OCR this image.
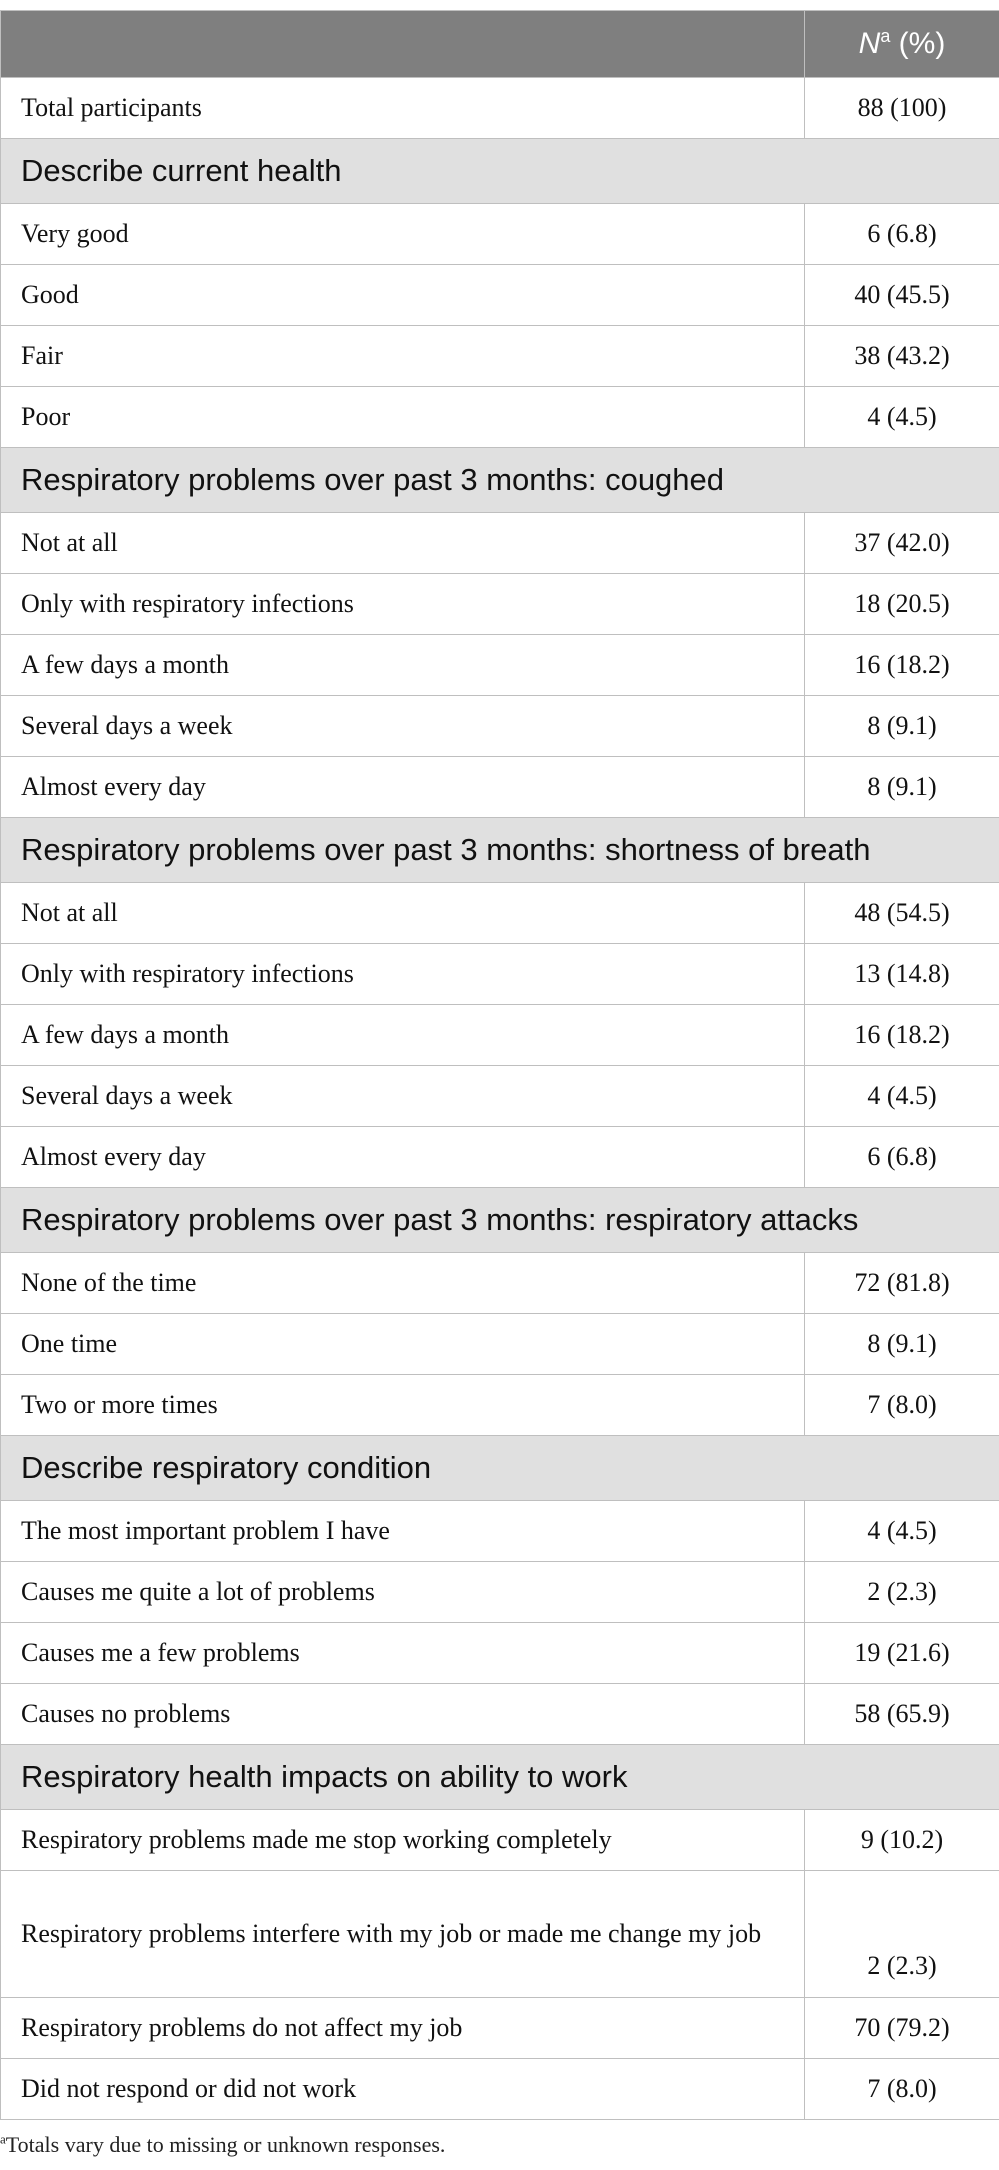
	$N^a$ (%)
Total participants	88 (100)
Describe current health	
Very good	6 (6.8)
Good	40 (45.5)
Fair	38 (43.2)
Poor	4 (4.5)
Respiratory problems over past 3 months: coughed	
Not at all	37 (42.0)
Only with respiratory infections	18 (20.5)
A few days a month	16 (18.2)
Several days a week	8 (9.1)
Almost every day	8 (9.1)
Respiratory problems over past 3 months: shortness of breath	
Not at all	48 (54.5)
Only with respiratory infections	13 (14.8)
A few days a month	16 (18.2)
Several days a week	4 (4.5)
Almost every day	6 (6.8)
Respiratory problems over past 3 months: respiratory attacks	
None of the time	72 (81.8)
One time	8 (9.1)
Two or more times	7 (8.0)
Describe respiratory condition	
The most important problem I have	4 (4.5)
Causes me quite a lot of problems	2 (2.3)
Causes me a few problems	19 (21.6)
Causes no problems	58 (65.9)
Respiratory health impacts on ability to work	
Respiratory problems made me stop working completely	9 (10.2)
Respiratory problems interfere with my job or made me change my job	2 (2.3)
Respiratory problems do not affect my job	70 (79.2)
Did not respond or did not work	7 (8.0)
$^a$Totals vary due to missing or unknown responses.
